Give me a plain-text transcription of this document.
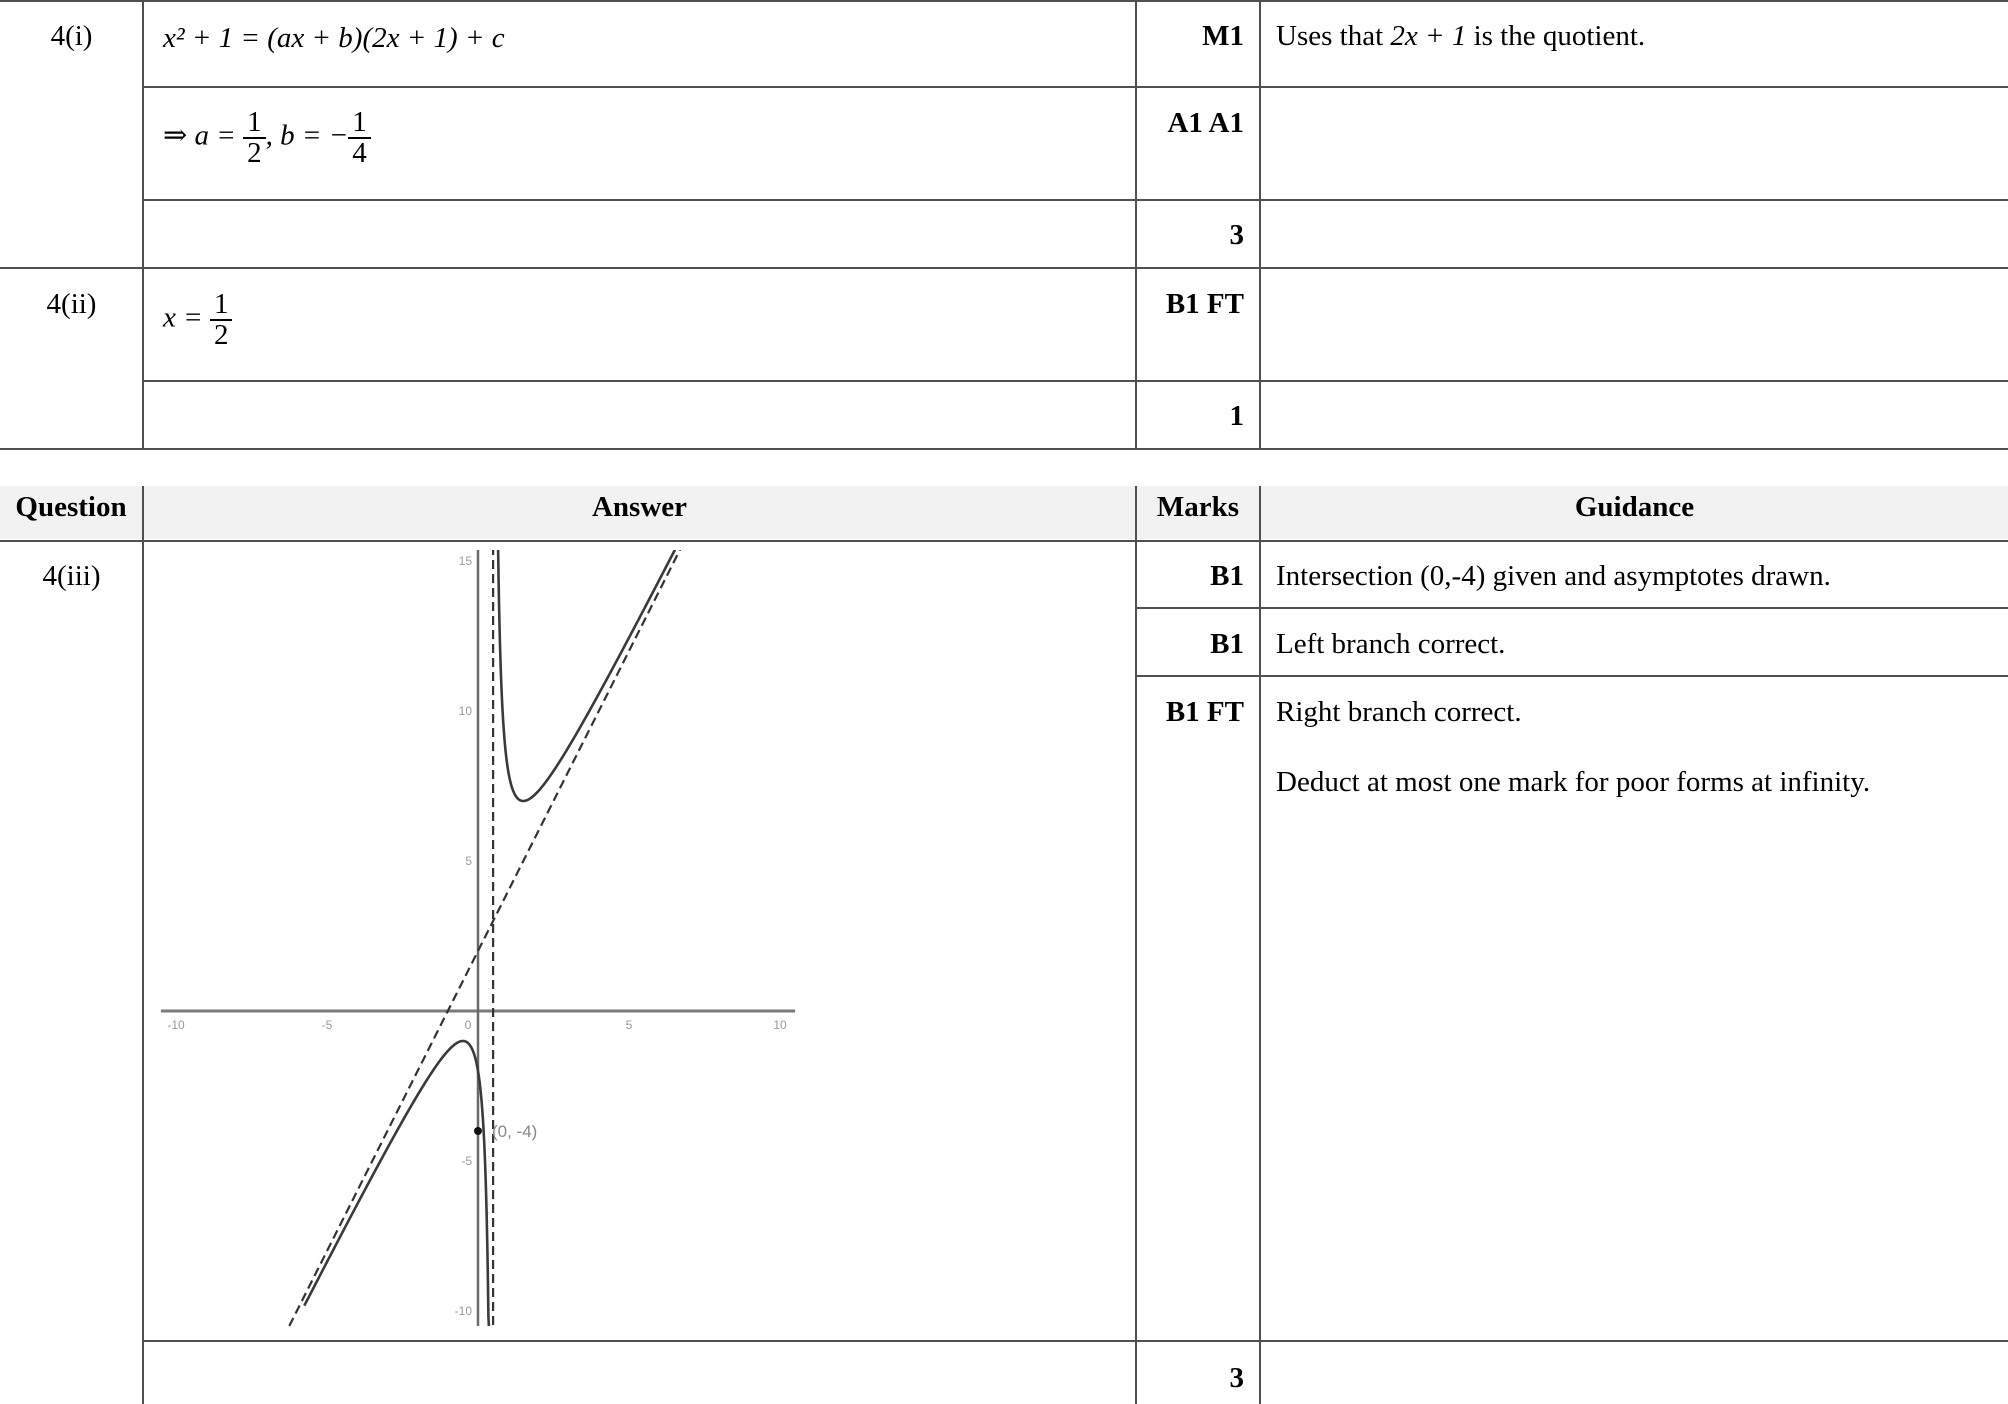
4(i)	x² + 1 = (ax + b)(2x + 1) + c	M1 Uses that 2x + 1 is the quotient.
⇒ $a = \frac{1}{2}$ , b = − $\frac{1}{4}$	A1 A1
3
4(ii)	$x = \frac{1}{2}$	B1 FT
1
Question	Answer	Marks	Guidance
4(iii)	B1 Intersection (0,-4) given and asymptotes drawn.
B1 Left branch correct.
B1 FT Right branch correct.
Deduct at most one mark for poor forms at infinity.
3
-10	-5	0	5	10
15
10
5
-5
-10
(0, -4)
